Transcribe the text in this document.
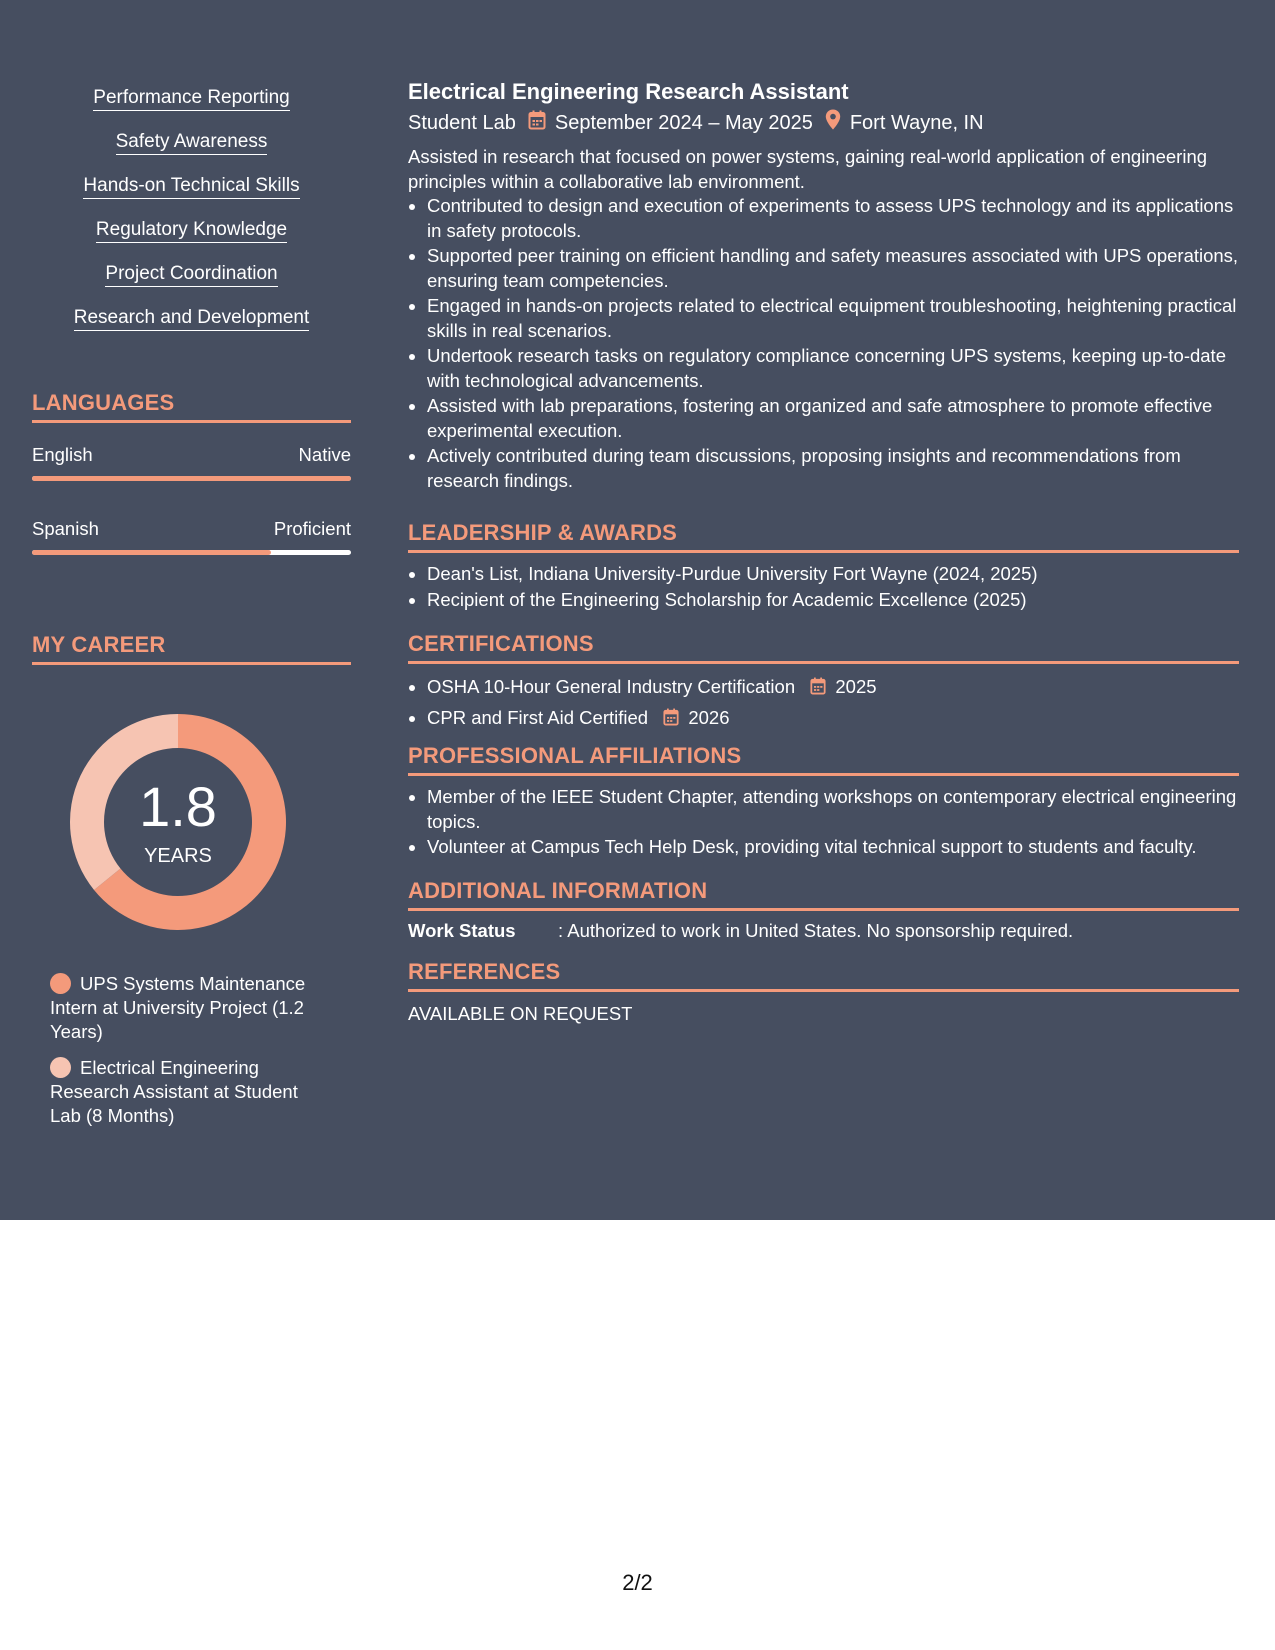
Performance Reporting
Safety Awareness
Hands-on Technical Skills
Regulatory Knowledge
Project Coordination
Research and Development
LANGUAGES
English	Native
Spanish	Proficient
MY CAREER
1.8
YEARS
UPS Systems Maintenance Intern at University Project (1.2 Years)
Electrical Engineering Research Assistant at Student Lab (8 Months)
Electrical Engineering Research Assistant
Student Lab September 2024 – May 2025 Fort Wayne, IN
Assisted in research that focused on power systems, gaining real-world application of engineering principles within a collaborative lab environment.
• Contributed to design and execution of experiments to assess UPS technology and its applications in safety protocols.
• Supported peer training on efficient handling and safety measures associated with UPS operations, ensuring team competencies.
• Engaged in hands-on projects related to electrical equipment troubleshooting, heightening practical skills in real scenarios.
• Undertook research tasks on regulatory compliance concerning UPS systems, keeping up-to-date with technological advancements.
• Assisted with lab preparations, fostering an organized and safe atmosphere to promote effective experimental execution.
• Actively contributed during team discussions, proposing insights and recommendations from research findings.
LEADERSHIP & AWARDS
• Dean's List, Indiana University-Purdue University Fort Wayne (2024, 2025)
• Recipient of the Engineering Scholarship for Academic Excellence (2025)
CERTIFICATIONS
• OSHA 10-Hour General Industry Certification 2025
• CPR and First Aid Certified 2026
PROFESSIONAL AFFILIATIONS
• Member of the IEEE Student Chapter, attending workshops on contemporary electrical engineering topics.
• Volunteer at Campus Tech Help Desk, providing vital technical support to students and faculty.
ADDITIONAL INFORMATION
Work Status : Authorized to work in United States. No sponsorship required.
REFERENCES
AVAILABLE ON REQUEST
2/2
